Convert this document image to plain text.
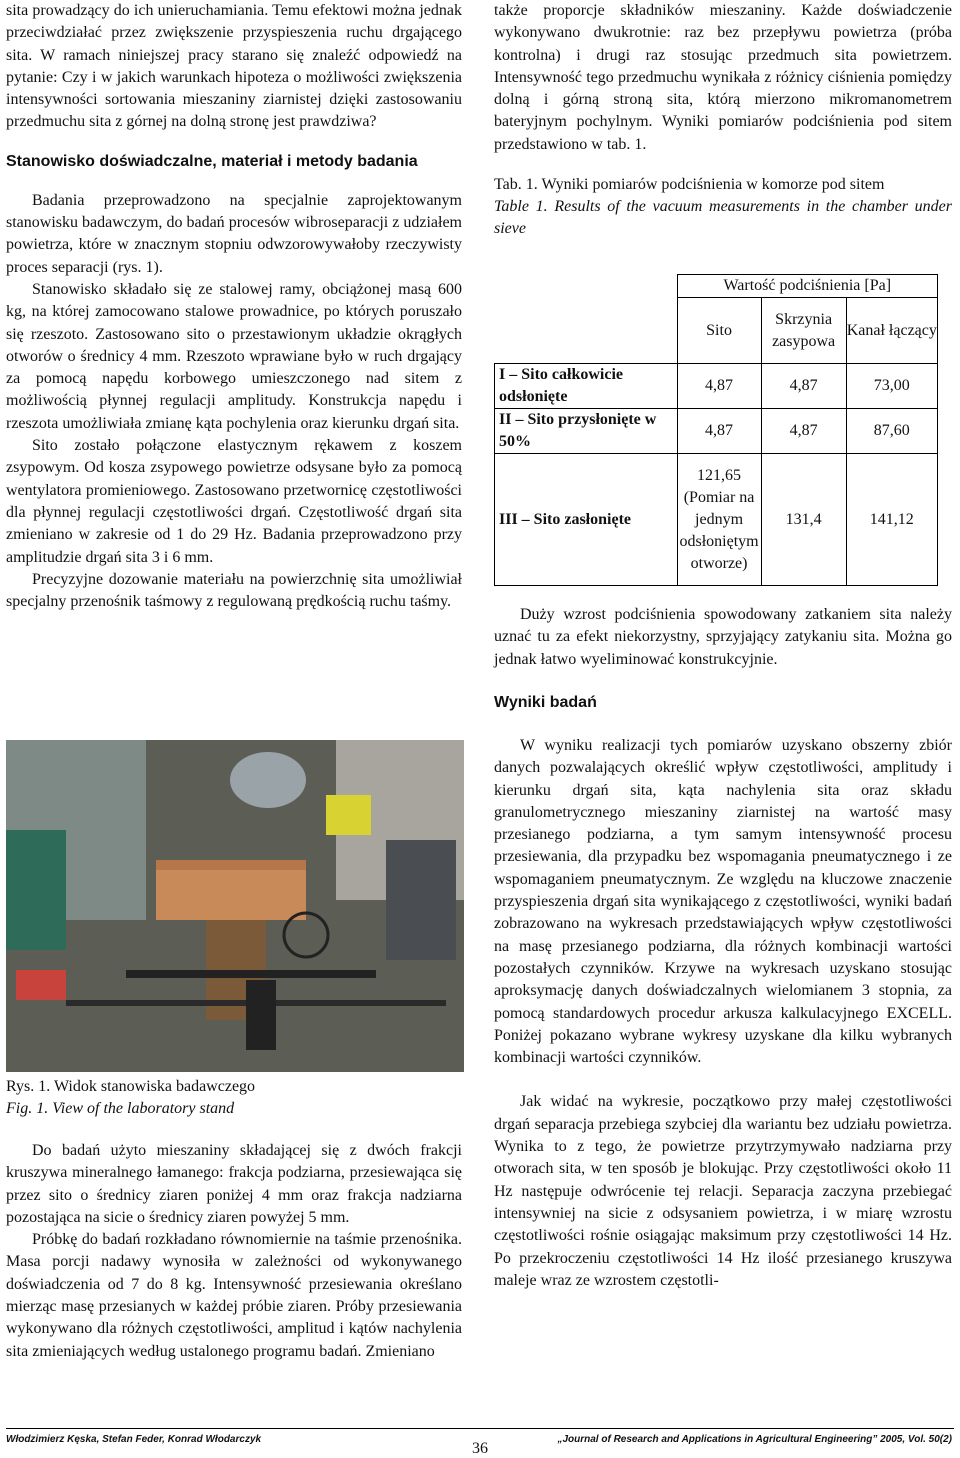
sita prowadzący do ich unieruchamiania. Temu efektowi można jednak przeciwdziałać przez zwiększenie przyspieszenia ruchu drgającego sita. W ramach niniejszej pracy starano się znaleźć odpowiedź na pytanie: Czy i w jakich warunkach hipoteza o możliwości zwiększenia intensywności sortowania mieszaniny ziarnistej dzięki zastosowaniu przedmuchu sita z górnej na dolną stronę jest prawdziwa?

Stanowisko doświadczalne, materiał i metody badania

Badania przeprowadzono na specjalnie zaprojektowanym stanowisku badawczym, do badań procesów wibroseparacji z udziałem powietrza, które w znacznym stopniu odwzorowywałoby rzeczywisty proces separacji (rys. 1).

Stanowisko składało się ze stalowej ramy, obciążonej masą 600 kg, na której zamocowano stalowe prowadnice, po których poruszało się rzeszoto. Zastosowano sito o przestawionym układzie okrągłych otworów o średnicy 4 mm. Rzeszoto wprawiane było w ruch drgający za pomocą napędu korbowego umieszczonego nad sitem z możliwością płynnej regulacji amplitudy. Konstrukcja napędu i rzeszota umożliwiała zmianę kąta pochylenia oraz kierunku drgań sita.

Sito zostało połączone elastycznym rękawem z koszem zsypowym. Od kosza zsypowego powietrze odsysane było za pomocą wentylatora promieniowego. Zastosowano przetwornicę częstotliwości dla płynnej regulacji częstotliwości drgań. Częstotliwość drgań sita zmieniano w zakresie od 1 do 29 Hz. Badania przeprowadzono przy amplitudzie drgań sita 3 i 6 mm.

Precyzyjne dozowanie materiału na powierzchnię sita umożliwiał specjalny przenośnik taśmowy z regulowaną prędkością ruchu taśmy.

Rys. 1. Widok stanowiska badawczego

Fig. 1. View of the laboratory stand

Do badań użyto mieszaniny składającej się z dwóch frakcji kruszywa mineralnego łamanego: frakcja podziarna, przesiewająca się przez sito o średnicy ziaren poniżej 4 mm oraz frakcja nadziarna pozostająca na sicie o średnicy ziaren powyżej 5 mm.

Próbkę do badań rozkładano równomiernie na taśmie przenośnika. Masa porcji nadawy wynosiła w zależności od wykonywanego doświadczenia od 7 do 8 kg. Intensywność przesiewania określano mierząc masę przesianych w każdej próbie ziaren. Próby przesiewania wykonywano dla różnych częstotliwości, amplitud i kątów nachylenia sita zmieniających według ustalonego programu badań. Zmieniano

także proporcje składników mieszaniny. Każde doświadczenie wykonywano dwukrotnie: raz bez przepływu powietrza (próba kontrolna) i drugi raz stosując przedmuch sita powietrzem. Intensywność tego przedmuchu wynikała z różnicy ciśnienia pomiędzy dolną i górną stroną sita, którą mierzono mikromanometrem bateryjnym pochylnym. Wyniki pomiarów podciśnienia pod sitem przedstawiono w tab. 1.

Tab. 1. Wyniki pomiarów podciśnienia w komorze pod sitem

Table 1. Results of the vacuum measurements in the chamber under sieve

	Wartość podciśnienia [Pa]		
	Sito	Skrzynia zasypowa	Kanał łączący
I – Sito całkowicie odsłonięte	4,87	4,87	73,00
II – Sito przysłonięte w 50%	4,87	4,87	87,60
III – Sito zasłonięte	121,65 (Pomiar na jednym odsłoniętym otworze)	131,4	141,12

Duży wzrost podciśnienia spowodowany zatkaniem sita należy uznać tu za efekt niekorzystny, sprzyjający zatykaniu sita. Można go jednak łatwo wyeliminować konstrukcyjnie.

Wyniki badań

W wyniku realizacji tych pomiarów uzyskano obszerny zbiór danych pozwalających określić wpływ częstotliwości, amplitudy i kierunku drgań sita, kąta nachylenia sita oraz składu granulometrycznego mieszaniny ziarnistej na wartość masy przesianego podziarna, a tym samym intensywność procesu przesiewania, dla przypadku bez wspomagania pneumatycznego i ze wspomaganiem pneumatycznym. Ze względu na kluczowe znaczenie przyspieszenia drgań sita wynikającego z częstotliwości, wyniki badań zobrazowano na wykresach przedstawiających wpływ częstotliwości na masę przesianego podziarna, dla różnych kombinacji wartości pozostałych czynników. Krzywe na wykresach uzyskano stosując aproksymację danych doświadczalnych wielomianem 3 stopnia, za pomocą standardowych procedur arkusza kalkulacyjnego EXCELL. Poniżej pokazano wybrane wykresy uzyskane dla kilku wybranych kombinacji wartości czynników.

Jak widać na wykresie, początkowo przy małej częstotliwości drgań separacja przebiega szybciej dla wariantu bez udziału powietrza. Wynika to z tego, że powietrze przytrzymywało nadziarna przy otworach sita, w ten sposób je blokując. Przy częstotliwości około 11 Hz następuje odwrócenie tej relacji. Separacja zaczyna przebiegać intensywniej na sicie z odsysaniem powietrza, i w miarę wzrostu częstotliwości rośnie osiągając maksimum przy częstotliwości 14 Hz. Po przekroczeniu częstotliwości 14 Hz ilość przesianego kruszywa maleje wraz ze wzrostem częstotli-

Włodzimierz Kęska, Stefan Feder, Konrad Włodarczyk
36
„Journal of Research and Applications in Agricultural Engineering” 2005, Vol. 50(2)
